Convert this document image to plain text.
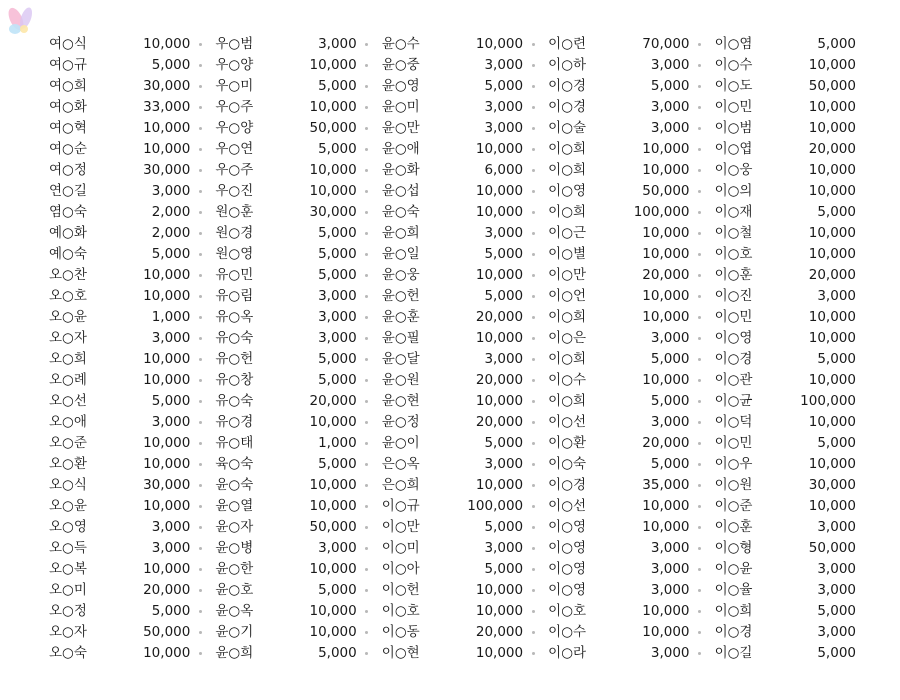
여○식	10,000		우○범	3,000		윤○수	10,000		이○련	70,000		이○염	5,000
여○규	5,000		우○양	10,000		윤○중	3,000		이○하	3,000		이○수	10,000
여○희	30,000		우○미	5,000		윤○영	5,000		이○경	5,000		이○도	50,000
여○화	33,000		우○주	10,000		윤○미	3,000		이○경	3,000		이○민	10,000
여○혁	10,000		우○양	50,000		윤○만	3,000		이○술	3,000		이○범	10,000
여○순	10,000		우○연	5,000		윤○애	10,000		이○희	10,000		이○엽	20,000
여○정	30,000		우○주	10,000		윤○화	6,000		이○희	10,000		이○웅	10,000
연○길	3,000		우○진	10,000		윤○섭	10,000		이○영	50,000		이○의	10,000
염○숙	2,000		원○훈	30,000		윤○숙	10,000		이○희	100,000		이○재	5,000
예○화	2,000		원○경	5,000		윤○희	3,000		이○근	10,000		이○철	10,000
예○숙	5,000		원○영	5,000		윤○일	5,000		이○별	10,000		이○호	10,000
오○찬	10,000		유○민	5,000		윤○웅	10,000		이○만	20,000		이○훈	20,000
오○호	10,000		유○림	3,000		윤○헌	5,000		이○언	10,000		이○진	3,000
오○윤	1,000		유○옥	3,000		윤○훈	20,000		이○희	10,000		이○민	10,000
오○자	3,000		유○숙	3,000		윤○필	10,000		이○은	3,000		이○영	10,000
오○희	10,000		유○헌	5,000		윤○달	3,000		이○희	5,000		이○경	5,000
오○례	10,000		유○창	5,000		윤○원	20,000		이○수	10,000		이○관	10,000
오○선	5,000		유○숙	20,000		윤○현	10,000		이○희	5,000		이○균	100,000
오○애	3,000		유○경	10,000		윤○정	20,000		이○선	3,000		이○덕	10,000
오○준	10,000		유○태	1,000		윤○이	5,000		이○환	20,000		이○민	5,000
오○환	10,000		육○숙	5,000		은○옥	3,000		이○숙	5,000		이○우	10,000
오○식	30,000		윤○숙	10,000		은○희	10,000		이○경	35,000		이○원	30,000
오○윤	10,000		윤○열	10,000		이○규	100,000		이○선	10,000		이○준	10,000
오○영	3,000		윤○자	50,000		이○만	5,000		이○영	10,000		이○훈	3,000
오○득	3,000		윤○병	3,000		이○미	3,000		이○영	3,000		이○형	50,000
오○복	10,000		윤○한	10,000		이○아	5,000		이○영	3,000		이○윤	3,000
오○미	20,000		윤○호	5,000		이○헌	10,000		이○영	3,000		이○율	3,000
오○정	5,000		윤○옥	10,000		이○호	10,000		이○호	10,000		이○희	5,000
오○자	50,000		윤○기	10,000		이○동	20,000		이○수	10,000		이○경	3,000
오○숙	10,000		윤○희	5,000		이○현	10,000		이○라	3,000		이○길	5,000
